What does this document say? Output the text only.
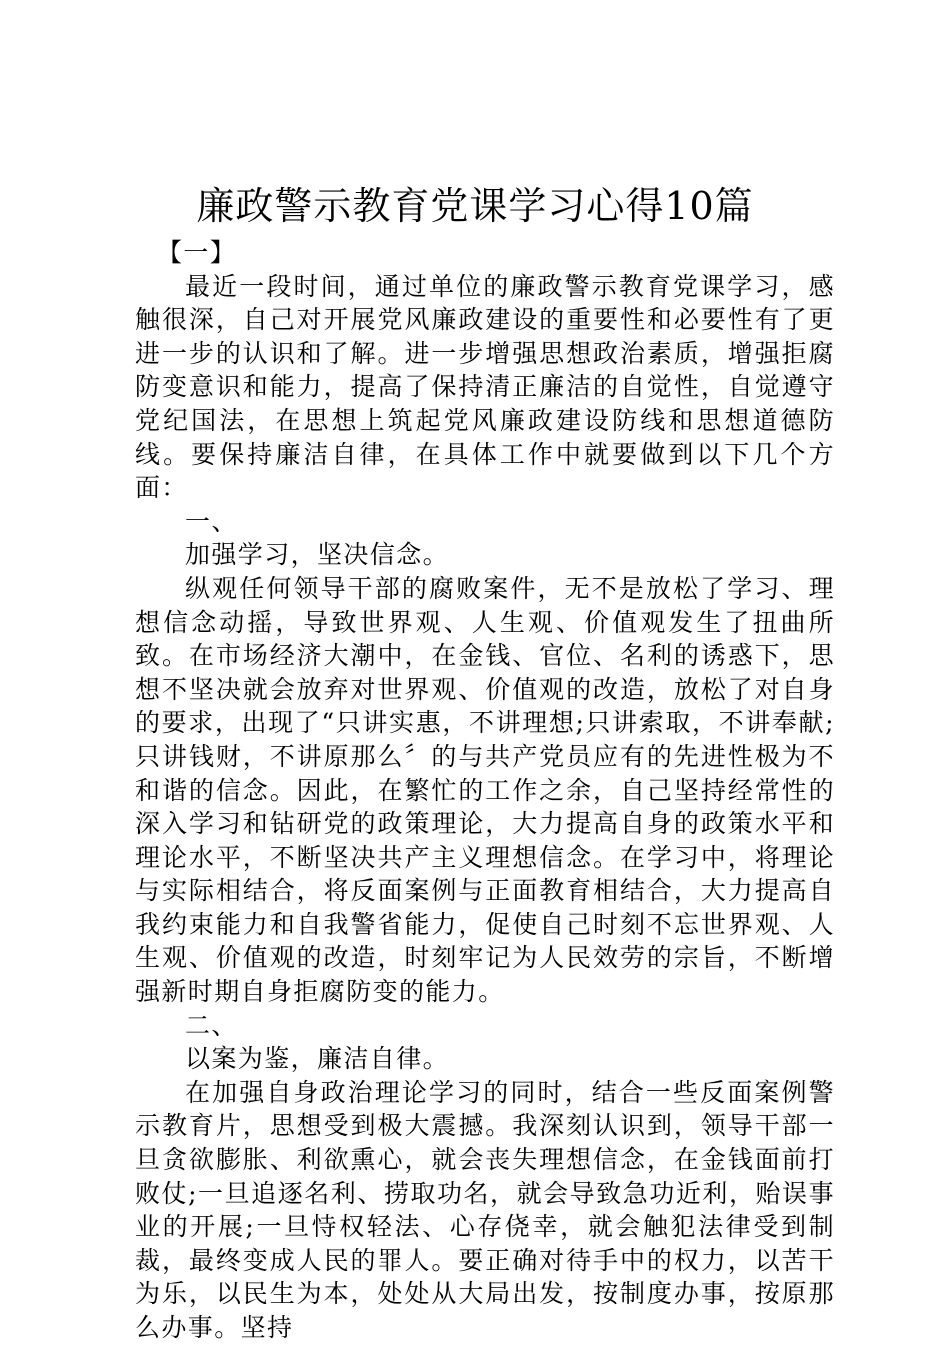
廉政警示教育党课学习心得10篇

【一】

最近一段时间，通过单位的廉政警示教育党课学习，感触很深，自己对开展党风廉政建设的重要性和必要性有了更进一步的认识和了解。进一步增强思想政治素质，增强拒腐防变意识和能力，提高了保持清正廉洁的自觉性，自觉遵守党纪国法，在思想上筑起党风廉政建设防线和思想道德防线。要保持廉洁自律，在具体工作中就要做到以下几个方面：

一、

加强学习，坚决信念。

纵观任何领导干部的腐败案件，无不是放松了学习、理想信念动摇，导致世界观、人生观、价值观发生了扭曲所致。在市场经济大潮中，在金钱、官位、名利的诱惑下，思想不坚决就会放弃对世界观、价值观的改造，放松了对自身的要求，出现了“只讲实惠，不讲理想;只讲索取，不讲奉献;只讲钱财，不讲原那么〞的与共产党员应有的先进性极为不和谐的信念。因此，在繁忙的工作之余，自己坚持经常性的深入学习和钻研党的政策理论，大力提高自身的政策水平和理论水平，不断坚决共产主义理想信念。在学习中，将理论与实际相结合，将反面案例与正面教育相结合，大力提高自我约束能力和自我警省能力，促使自己时刻不忘世界观、人生观、价值观的改造，时刻牢记为人民效劳的宗旨，不断增强新时期自身拒腐防变的能力。

二、

以案为鉴，廉洁自律。

在加强自身政治理论学习的同时，结合一些反面案例警示教育片，思想受到极大震撼。我深刻认识到，领导干部一旦贪欲膨胀、利欲熏心，就会丧失理想信念，在金钱面前打败仗;一旦追逐名利、捞取功名，就会导致急功近利，贻误事业的开展;一旦恃权轻法、心存侥幸，就会触犯法律受到制裁，最终变成人民的罪人。要正确对待手中的权力，以苦干为乐，以民生为本，处处从大局出发，按制度办事，按原那么办事。坚持
